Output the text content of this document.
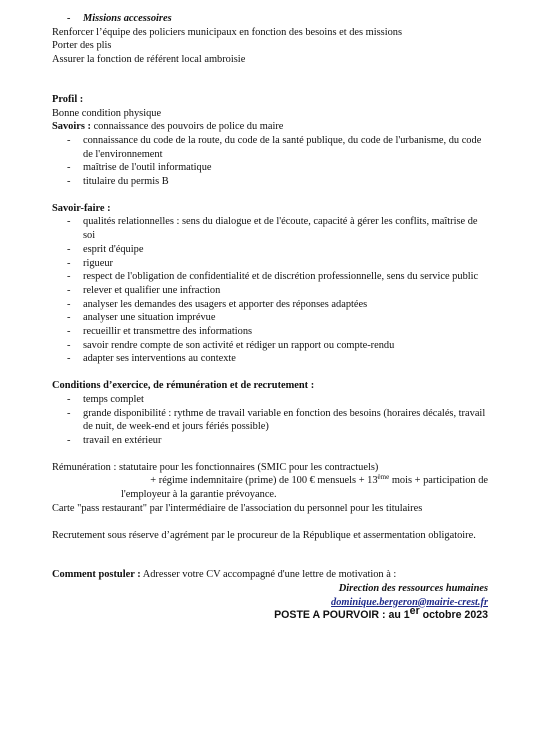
- Missions accessoires
Renforcer l’équipe des policiers municipaux en fonction des besoins et des missions
Porter des plis
Assurer la fonction de référent local ambroisie
Profil :
Bonne condition physique
Savoirs : connaissance des pouvoirs de police du maire
- connaissance du code de la route, du code de la santé publique, du code de l'urbanisme, du code de l'environnement
- maîtrise de l'outil informatique
- titulaire du permis B
Savoir-faire :
- qualités relationnelles : sens du dialogue et de l'écoute, capacité à gérer les conflits, maîtrise de soi
- esprit d'équipe
- rigueur
- respect de l'obligation de confidentialité et de discrétion professionnelle, sens du service public
- relever et qualifier une infraction
- analyser les demandes des usagers et apporter des réponses adaptées
- analyser une situation imprévue
- recueillir et transmettre des informations
- savoir rendre compte de son activité et rédiger un rapport ou compte-rendu
- adapter ses interventions au contexte
Conditions d’exercice, de rémunération et de recrutement :
- temps complet
- grande disponibilité : rythme de travail variable en fonction des besoins (horaires décalés, travail de nuit, de week-end et jours fériés possible)
- travail en extérieur
Rémunération : statutaire pour les fonctionnaires (SMIC pour les contractuels)
+ régime indemnitaire (prime) de 100 € mensuels + 13ème mois + participation de
l'employeur à la garantie prévoyance.
Carte "pass restaurant" par l'intermédiaire de l'association du personnel pour les titulaires
Recrutement sous réserve d’agrément par le procureur de la République et assermentation obligatoire.
Comment postuler : Adresser votre CV accompagné d'une lettre de motivation à :
Direction des ressources humaines
dominique.bergeron@mairie-crest.fr
POSTE A POURVOIR : au 1er octobre 2023
